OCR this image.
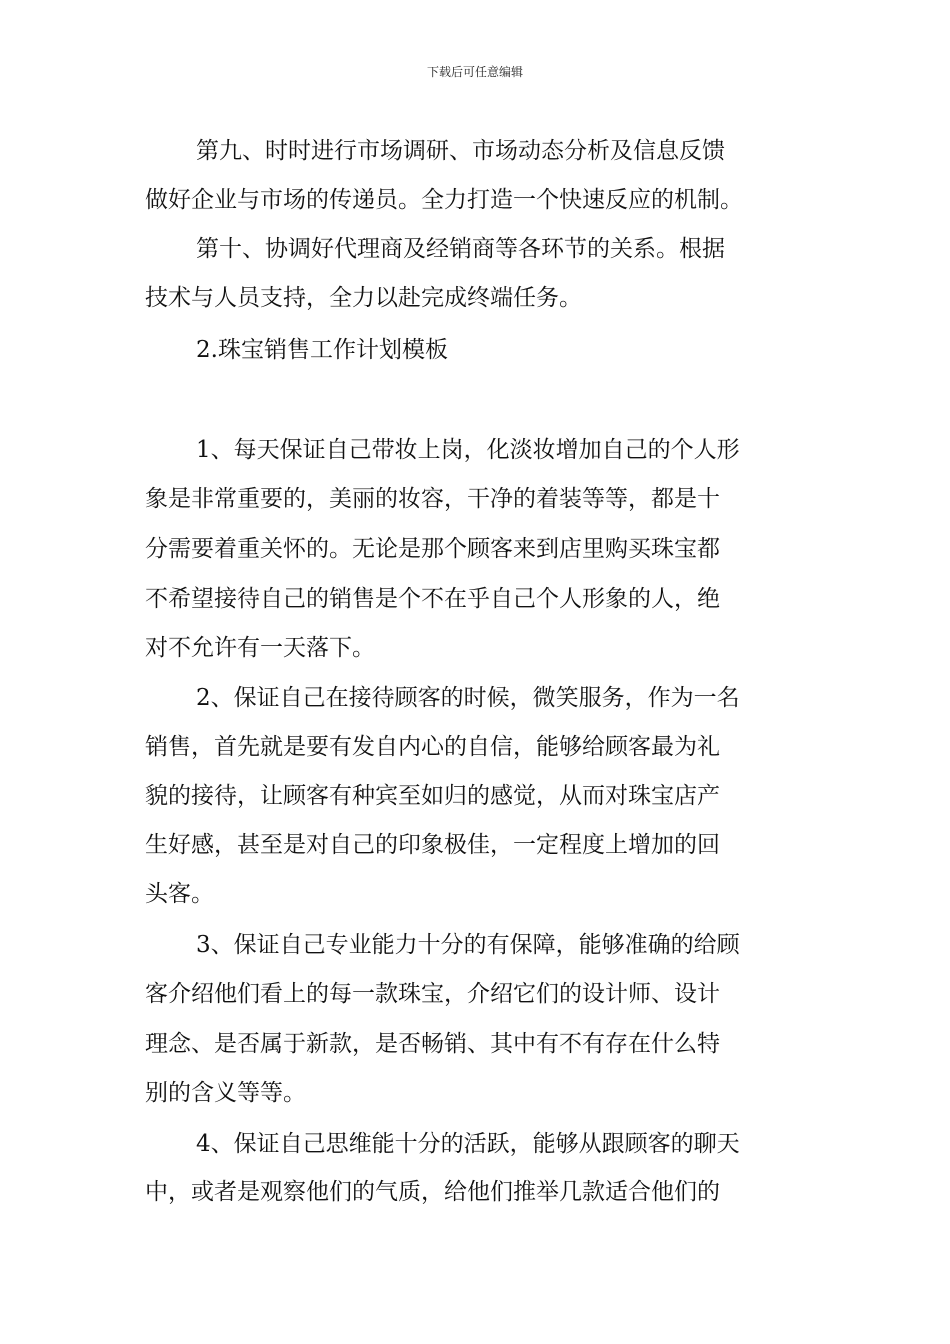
下载后可任意编辑
第九、时时进行市场调研、市场动态分析及信息反馈
做好企业与市场的传递员。全力打造一个快速反应的机制。
第十、协调好代理商及经销商等各环节的关系。根据
技术与人员支持，全力以赴完成终端任务。
2.珠宝销售工作计划模板
1、每天保证自己带妆上岗，化淡妆增加自己的个人形
象是非常重要的，美丽的妆容，干净的着装等等，都是十
分需要着重关怀的。无论是那个顾客来到店里购买珠宝都
不希望接待自己的销售是个不在乎自己个人形象的人，绝
对不允许有一天落下。
2、保证自己在接待顾客的时候，微笑服务，作为一名
销售，首先就是要有发自内心的自信，能够给顾客最为礼
貌的接待，让顾客有种宾至如归的感觉，从而对珠宝店产
生好感，甚至是对自己的印象极佳，一定程度上增加的回
头客。
3、保证自己专业能力十分的有保障，能够准确的给顾
客介绍他们看上的每一款珠宝，介绍它们的设计师、设计
理念、是否属于新款，是否畅销、其中有不有存在什么特
别的含义等等。
4、保证自己思维能十分的活跃，能够从跟顾客的聊天
中，或者是观察他们的气质，给他们推举几款适合他们的
